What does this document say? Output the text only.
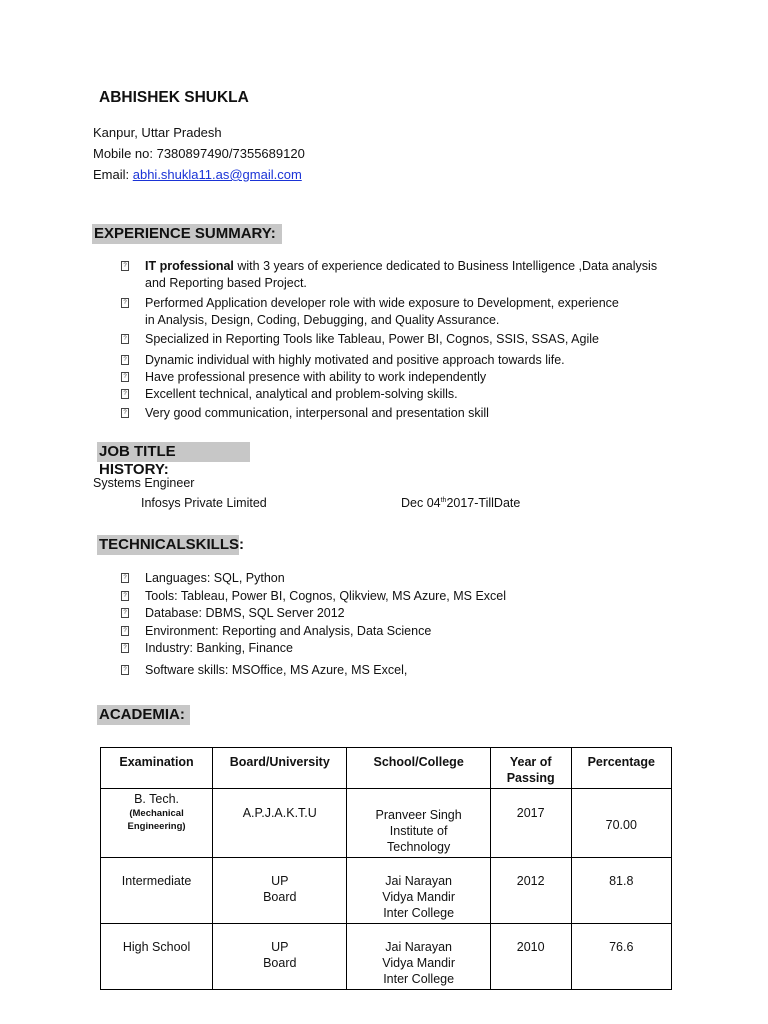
ABHISHEK SHUKLA
Kanpur, Uttar Pradesh
Mobile no: 7380897490/7355689120
Email: abhi.shukla11.as@gmail.com
EXPERIENCE SUMMARY:
? IT professional with 3 years of experience dedicated to Business Intelligence ,Data analysis
and Reporting based Project.
? Performed Application developer role with wide exposure to Development, experience
in Analysis, Design, Coding, Debugging, and Quality Assurance.
? Specialized in Reporting Tools like Tableau, Power BI, Cognos, SSIS, SSAS, Agile
? Dynamic individual with highly motivated and positive approach towards life.
? Have professional presence with ability to work independently
? Excellent technical, analytical and problem-solving skills.
? Very good communication, interpersonal and presentation skill
JOB TITLE HISTORY:
Systems Engineer
Infosys Private Limited	Dec 04th2017-TillDate
TECHNICALSKILLS:
? Languages: SQL, Python
? Tools: Tableau, Power BI, Cognos, Qlikview, MS Azure, MS Excel
? Database: DBMS, SQL Server 2012
? Environment: Reporting and Analysis, Data Science
? Industry: Banking, Finance
? Software skills: MSOffice, MS Azure, MS Excel,
ACADEMIA:
Examination	Board/University	School/College	Year of Passing	Percentage
B. Tech.
(Mechanical Engineering)	A.P.J.A.K.T.U	Pranveer Singh Institute of Technology	2017	70.00
Intermediate	UP Board	Jai Narayan Vidya Mandir Inter College	2012	81.8
High School	UP Board	Jai Narayan Vidya Mandir Inter College	2010	76.6
